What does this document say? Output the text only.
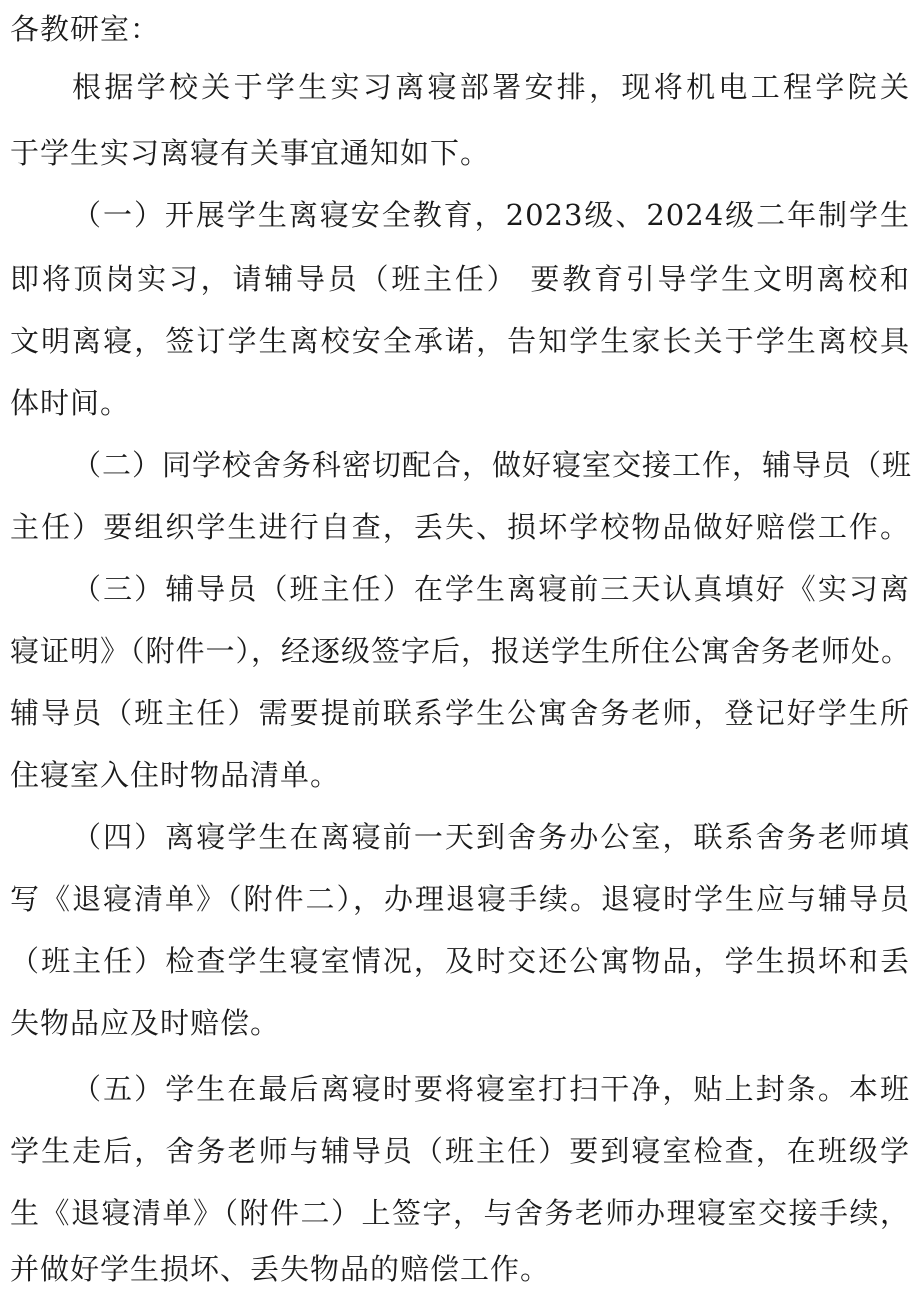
各教研室：
根据学校关于学生实习离寝部署安排，现将机电工程学院关
于学生实习离寝有关事宜通知如下。
（一）开展学生离寝安全教育，2023级、2024级二年制学生
即将顶岗实习，请辅导员（班主任） 要教育引导学生文明离校和
文明离寝，签订学生离校安全承诺，告知学生家长关于学生离校具
体时间。
（二）同学校舍务科密切配合，做好寝室交接工作，辅导员（班
主任）要组织学生进行自查，丢失、损坏学校物品做好赔偿工作。
（三）辅导员（班主任）在学生离寝前三天认真填好《实习离
寝证明》（附件一），经逐级签字后，报送学生所住公寓舍务老师处。
辅导员（班主任）需要提前联系学生公寓舍务老师，登记好学生所
住寝室入住时物品清单。
（四）离寝学生在离寝前一天到舍务办公室，联系舍务老师填
写《退寝清单》（附件二），办理退寝手续。退寝时学生应与辅导员
（班主任）检查学生寝室情况，及时交还公寓物品，学生损坏和丢
失物品应及时赔偿。
（五）学生在最后离寝时要将寝室打扫干净，贴上封条。本班
学生走后，舍务老师与辅导员（班主任）要到寝室检查，在班级学
生《退寝清单》（附件二）上签字，与舍务老师办理寝室交接手续，
并做好学生损坏、丢失物品的赔偿工作。
